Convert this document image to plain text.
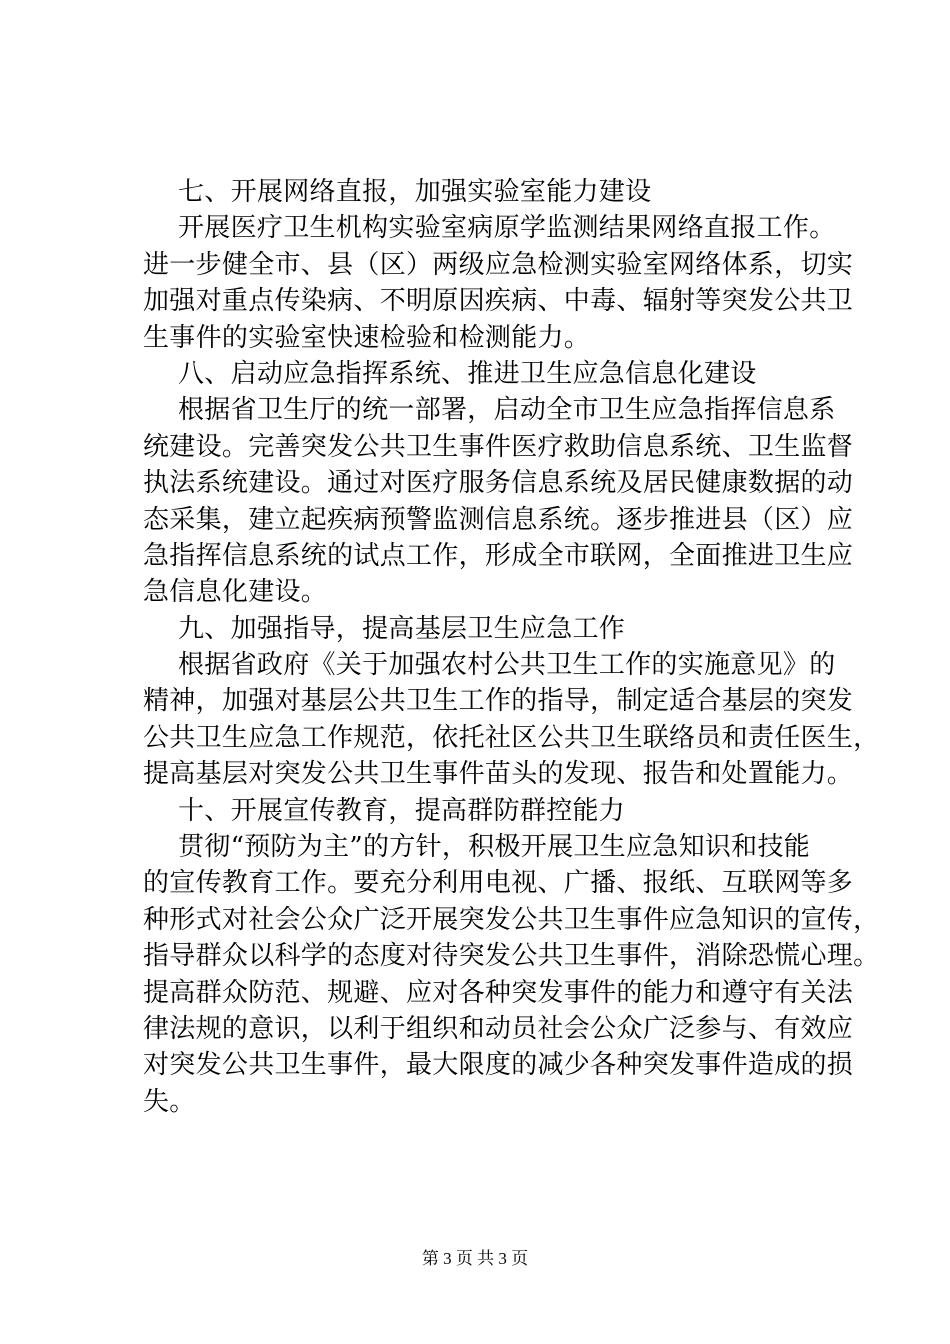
七、开展网络直报，加强实验室能力建设
开展医疗卫生机构实验室病原学监测结果网络直报工作。
进一步健全市、县（区）两级应急检测实验室网络体系，切实
加强对重点传染病、不明原因疾病、中毒、辐射等突发公共卫
生事件的实验室快速检验和检测能力。
八、启动应急指挥系统、推进卫生应急信息化建设
根据省卫生厅的统一部署，启动全市卫生应急指挥信息系
统建设。完善突发公共卫生事件医疗救助信息系统、卫生监督
执法系统建设。通过对医疗服务信息系统及居民健康数据的动
态采集，建立起疾病预警监测信息系统。逐步推进县（区）应
急指挥信息系统的试点工作，形成全市联网，全面推进卫生应
急信息化建设。
九、加强指导，提高基层卫生应急工作
根据省政府《关于加强农村公共卫生工作的实施意见》的
精神，加强对基层公共卫生工作的指导，制定适合基层的突发
公共卫生应急工作规范，依托社区公共卫生联络员和责任医生，
提高基层对突发公共卫生事件苗头的发现、报告和处置能力。
十、开展宣传教育，提高群防群控能力
贯彻“预防为主”的方针，积极开展卫生应急知识和技能
的宣传教育工作。要充分利用电视、广播、报纸、互联网等多
种形式对社会公众广泛开展突发公共卫生事件应急知识的宣传，
指导群众以科学的态度对待突发公共卫生事件，消除恐慌心理。
提高群众防范、规避、应对各种突发事件的能力和遵守有关法
律法规的意识，以利于组织和动员社会公众广泛参与、有效应
对突发公共卫生事件，最大限度的减少各种突发事件造成的损
失。
第 3 页 共 3 页
